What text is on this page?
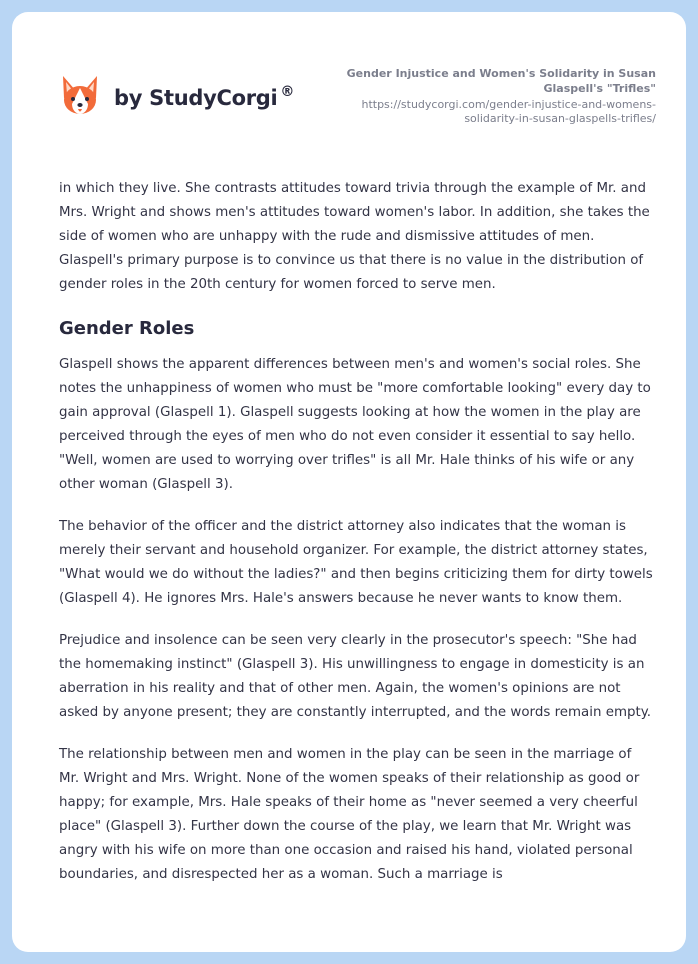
by StudyCorgi ®
Gender Injustice and Women's Solidarity in Susan Glaspell's "Trifles"
https://studycorgi.com/gender-injustice-and-womens-solidarity-in-susan-glaspells-trifles/

in which they live. She contrasts attitudes toward trivia through the example of Mr. and Mrs. Wright and shows men's attitudes toward women's labor. In addition, she takes the side of women who are unhappy with the rude and dismissive attitudes of men. Glaspell's primary purpose is to convince us that there is no value in the distribution of gender roles in the 20th century for women forced to serve men.

Gender Roles

Glaspell shows the apparent differences between men's and women's social roles. She notes the unhappiness of women who must be "more comfortable looking" every day to gain approval (Glaspell 1). Glaspell suggests looking at how the women in the play are perceived through the eyes of men who do not even consider it essential to say hello. "Well, women are used to worrying over trifles" is all Mr. Hale thinks of his wife or any other woman (Glaspell 3).

The behavior of the officer and the district attorney also indicates that the woman is merely their servant and household organizer. For example, the district attorney states, "What would we do without the ladies?" and then begins criticizing them for dirty towels (Glaspell 4). He ignores Mrs. Hale's answers because he never wants to know them.

Prejudice and insolence can be seen very clearly in the prosecutor's speech: "She had the homemaking instinct" (Glaspell 3). His unwillingness to engage in domesticity is an aberration in his reality and that of other men. Again, the women's opinions are not asked by anyone present; they are constantly interrupted, and the words remain empty.

The relationship between men and women in the play can be seen in the marriage of Mr. Wright and Mrs. Wright. None of the women speaks of their relationship as good or happy; for example, Mrs. Hale speaks of their home as "never seemed a very cheerful place" (Glaspell 3). Further down the course of the play, we learn that Mr. Wright was angry with his wife on more than one occasion and raised his hand, violated personal boundaries, and disrespected her as a woman. Such a marriage is
